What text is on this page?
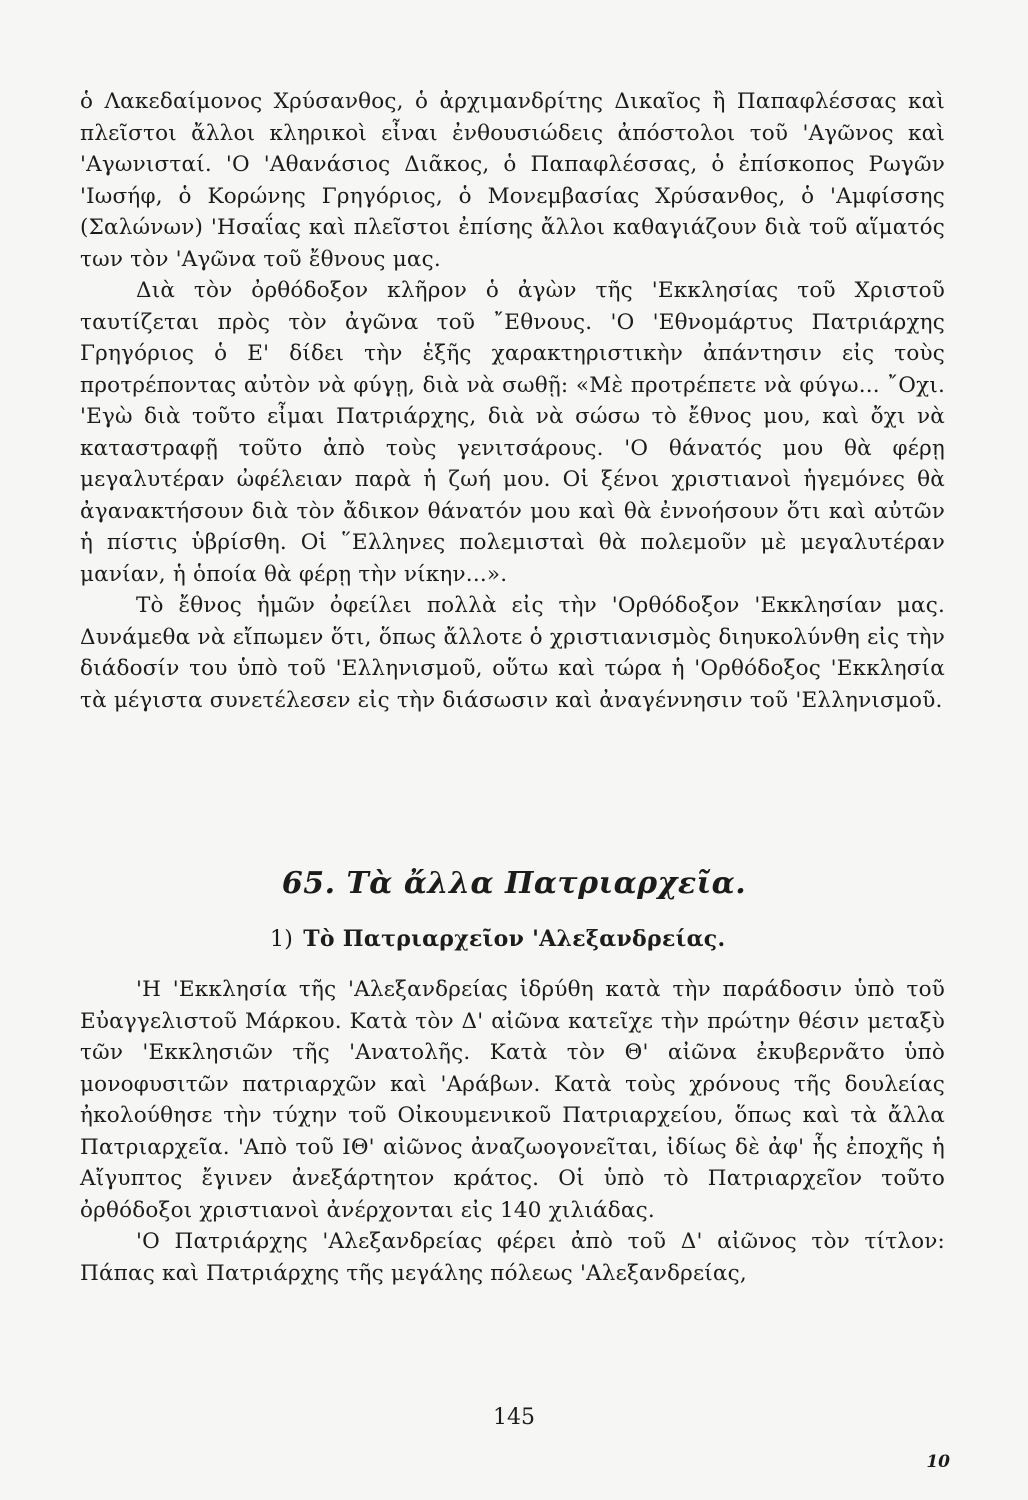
ὁ Λακεδαίμονος Χρύσανθος, ὁ ἀρχιμανδρίτης Δικαῖος ἢ Παπαφλέσσας καὶ πλεῖστοι ἄλλοι κληρικοὶ εἶναι ἐνθουσιώδεις ἀπόστολοι τοῦ 'Αγῶνος καὶ 'Αγωνισταί. 'Ο 'Αθανάσιος Διᾶκος, ὁ Παπαφλέσσας, ὁ ἐπίσκοπος Ρωγῶν 'Ιωσήφ, ὁ Κορώνης Γρηγόριος, ὁ Μονεμβασίας Χρύσανθος, ὁ 'Αμφίσσης (Σαλώνων) 'Ησαΐας καὶ πλεῖστοι ἐπίσης ἄλλοι καθαγιάζουν διὰ τοῦ αἵματός των τὸν 'Αγῶνα τοῦ ἔθνους μας.

Διὰ τὸν ὀρθόδοξον κλῆρον ὁ ἀγὼν τῆς 'Εκκλησίας τοῦ Χριστοῦ ταυτίζεται πρὸς τὸν ἀγῶνα τοῦ ῎Εθνους. 'Ο 'Εθνομάρτυς Πατριάρχης Γρηγόριος ὁ Ε' δίδει τὴν ἑξῆς χαρακτηριστικὴν ἀπάντησιν εἰς τοὺς προτρέποντας αὐτὸν νὰ φύγῃ, διὰ νὰ σωθῇ: «Μὲ προτρέπετε νὰ φύγω... ῎Οχι. 'Εγὼ διὰ τοῦτο εἶμαι Πατριάρχης, διὰ νὰ σώσω τὸ ἔθνος μου, καὶ ὄχι νὰ καταστραφῇ τοῦτο ἀπὸ τοὺς γενιτσάρους. 'Ο θάνατός μου θὰ φέρῃ μεγαλυτέραν ὠφέλειαν παρὰ ἡ ζωή μου. Οἱ ξένοι χριστιανοὶ ἡγεμόνες θὰ ἀγανακτήσουν διὰ τὸν ἄδικον θάνατόν μου καὶ θὰ ἐννοήσουν ὅτι καὶ αὐτῶν ἡ πίστις ὑβρίσθη. Οἱ ῞Ελληνες πολεμισταὶ θὰ πολεμοῦν μὲ μεγαλυτέραν μανίαν, ἡ ὁποία θὰ φέρῃ τὴν νίκην...».

Τὸ ἔθνος ἡμῶν ὀφείλει πολλὰ εἰς τὴν 'Ορθόδοξον 'Εκκλησίαν μας. Δυνάμεθα νὰ εἴπωμεν ὅτι, ὅπως ἄλλοτε ὁ χριστιανισμὸς διηυκολύνθη εἰς τὴν διάδοσίν του ὑπὸ τοῦ 'Ελληνισμοῦ, οὕτω καὶ τώρα ἡ 'Ορθόδοξος 'Εκκλησία τὰ μέγιστα συνετέλεσεν εἰς τὴν διάσωσιν καὶ ἀναγέννησιν τοῦ 'Ελληνισμοῦ.

65. Τὰ ἄλλα Πατριαρχεῖα.
1) Τὸ Πατριαρχεῖον 'Αλεξανδρείας.

'Η 'Εκκλησία τῆς 'Αλεξανδρείας ἱδρύθη κατὰ τὴν παράδοσιν ὑπὸ τοῦ Εὐαγγελιστοῦ Μάρκου. Κατὰ τὸν Δ' αἰῶνα κατεῖχε τὴν πρώτην θέσιν μεταξὺ τῶν 'Εκκλησιῶν τῆς 'Ανατολῆς. Κατὰ τὸν Θ' αἰῶνα ἐκυβερνᾶτο ὑπὸ μονοφυσιτῶν πατριαρχῶν καὶ 'Αράβων. Κατὰ τοὺς χρόνους τῆς δουλείας ἠκολούθησε τὴν τύχην τοῦ Οἰκουμενικοῦ Πατριαρχείου, ὅπως καὶ τὰ ἄλλα Πατριαρχεῖα. 'Απὸ τοῦ ΙΘ' αἰῶνος ἀναζωογονεῖται, ἰδίως δὲ ἀφ' ἧς ἐποχῆς ἡ Αἴγυπτος ἔγινεν ἀνεξάρτητον κράτος. Οἱ ὑπὸ τὸ Πατριαρχεῖον τοῦτο ὀρθόδοξοι χριστιανοὶ ἀνέρχονται εἰς 140 χιλιάδας.

'Ο Πατριάρχης 'Αλεξανδρείας φέρει ἀπὸ τοῦ Δ' αἰῶνος τὸν τίτλον: Πάπας καὶ Πατριάρχης τῆς μεγάλης πόλεως 'Αλεξανδρείας,

145
10
